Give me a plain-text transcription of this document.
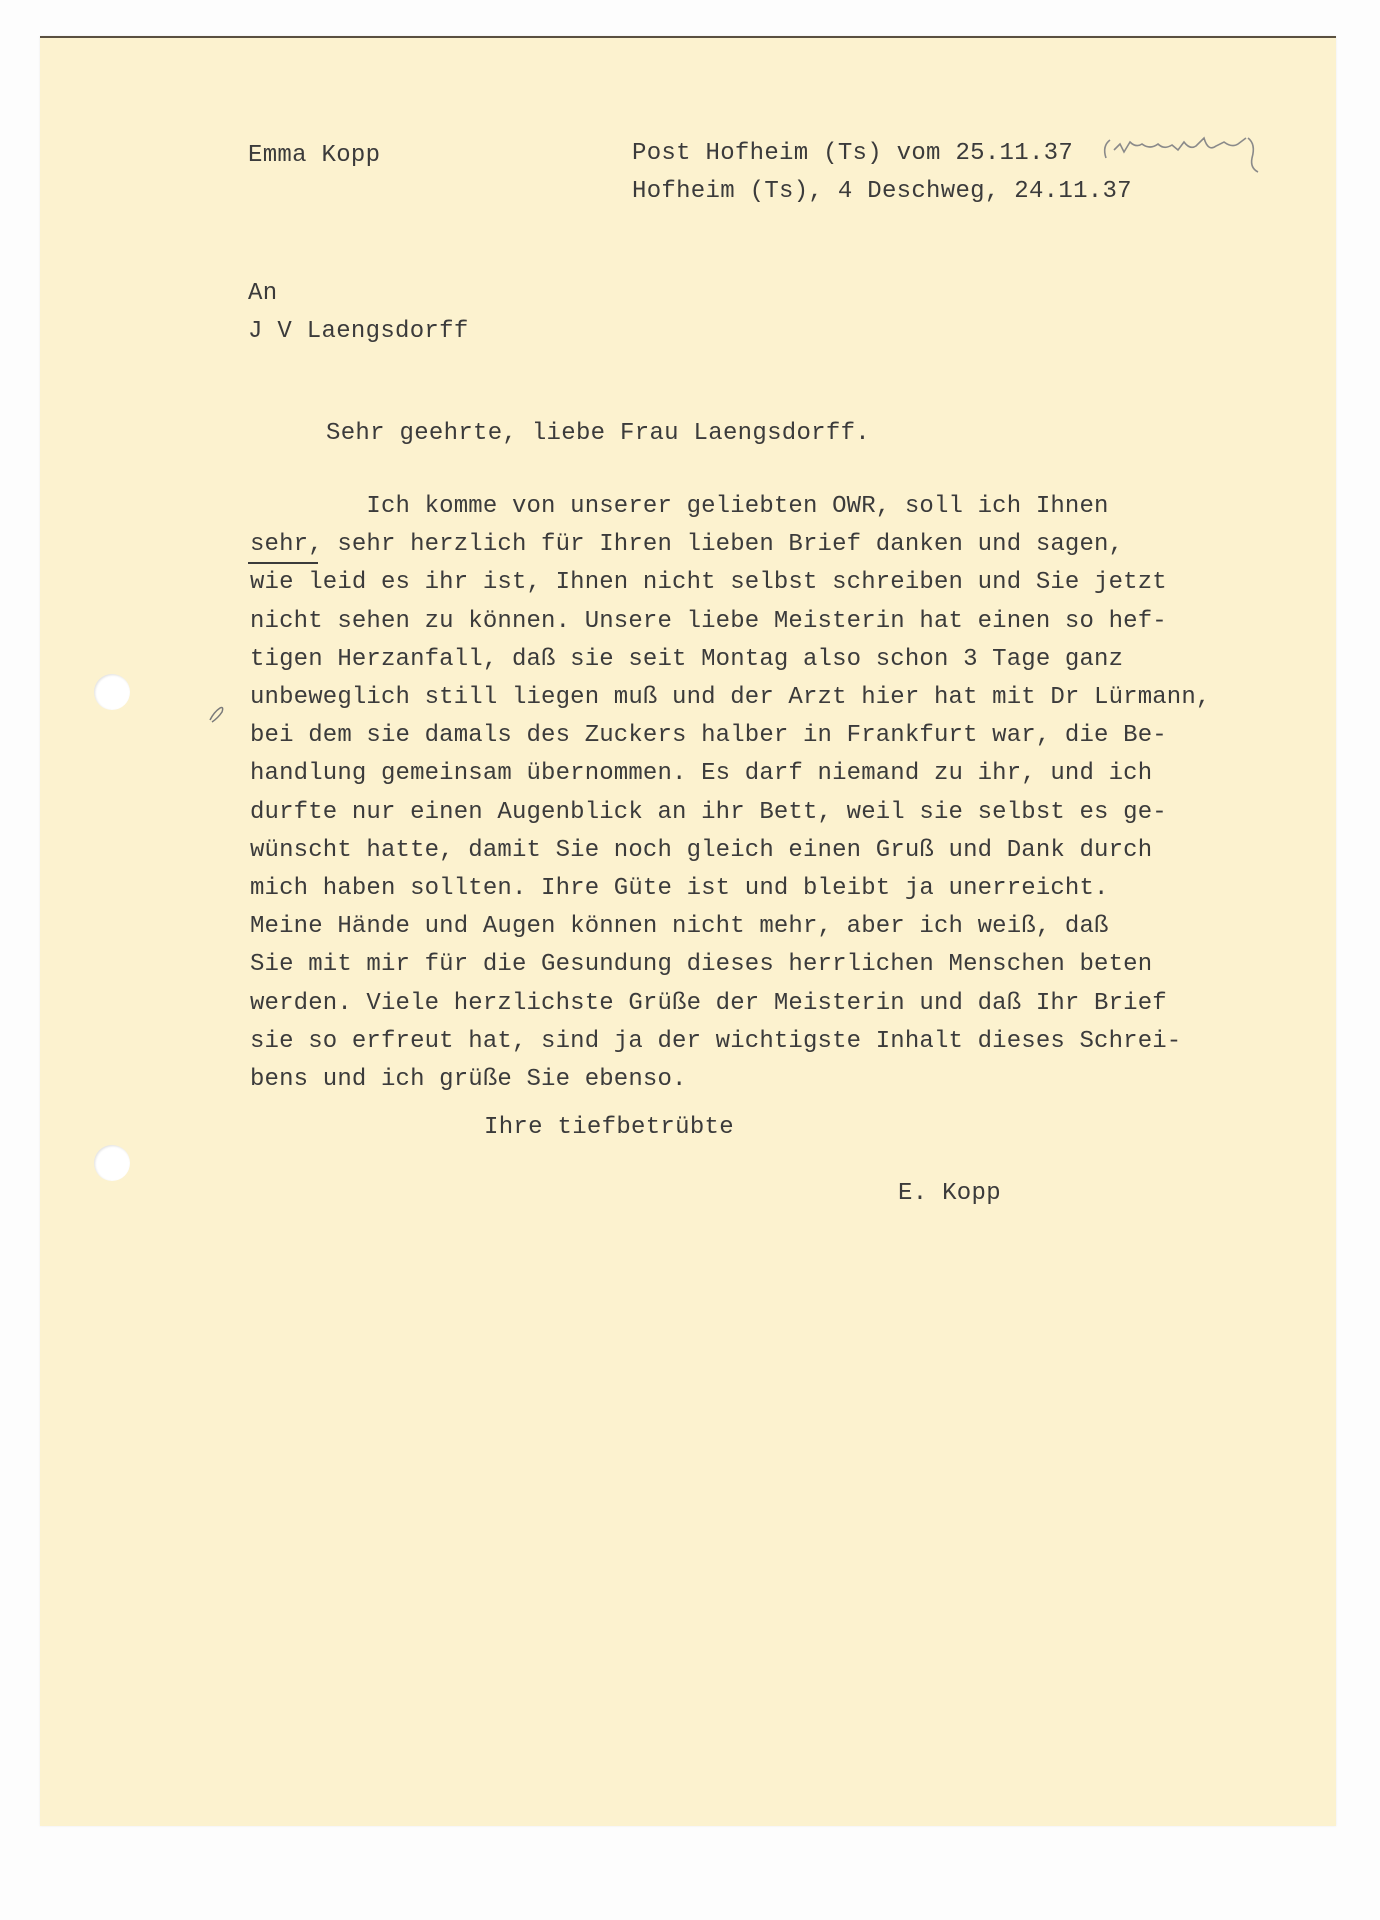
Emma Kopp	Post Hofheim (Ts) vom 25.11.37
Hofheim (Ts), 4 Deschweg, 24.11.37
An
J V Laengsdorff
Sehr geehrte, liebe Frau Laengsdorff.
Ich komme von unserer geliebten OWR, soll ich Ihnen
sehr, sehr herzlich für Ihren lieben Brief danken und sagen,
wie leid es ihr ist, Ihnen nicht selbst schreiben und Sie jetzt
nicht sehen zu können. Unsere liebe Meisterin hat einen so hef-
tigen Herzanfall, daß sie seit Montag also schon 3 Tage ganz
unbeweglich still liegen muß und der Arzt hier hat mit Dr Lürmann,
bei dem sie damals des Zuckers halber in Frankfurt war, die Be-
handlung gemeinsam übernommen. Es darf niemand zu ihr, und ich
durfte nur einen Augenblick an ihr Bett, weil sie selbst es ge-
wünscht hatte, damit Sie noch gleich einen Gruß und Dank durch
mich haben sollten. Ihre Güte ist und bleibt ja unerreicht.
Meine Hände und Augen können nicht mehr, aber ich weiß, daß
Sie mit mir für die Gesundung dieses herrlichen Menschen beten
werden. Viele herzlichste Grüße der Meisterin und daß Ihr Brief
sie so erfreut hat, sind ja der wichtigste Inhalt dieses Schrei-
bens und ich grüße Sie ebenso.
Ihre tiefbetrübte
E. Kopp
